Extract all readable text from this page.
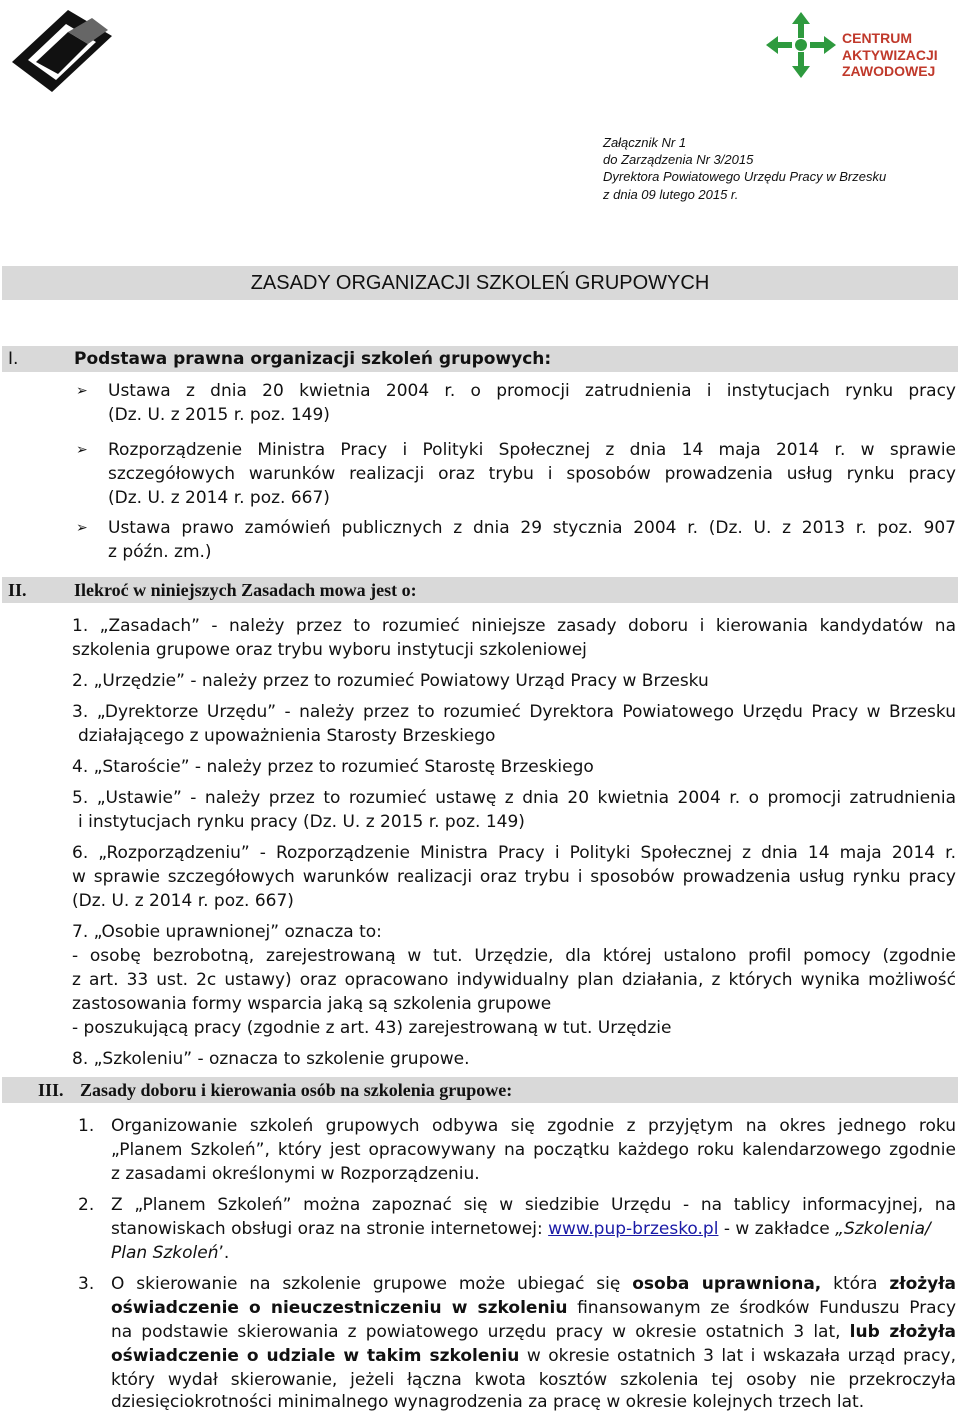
CENTRUM
AKTYWIZACJI
ZAWODOWEJ
Załącznik Nr 1
do Zarządzenia Nr 3/2015
Dyrektora Powiatowego Urzędu Pracy w Brzesku
z dnia 09 lutego 2015 r.
ZASADY ORGANIZACJI SZKOLEŃ GRUPOWYCH
I.	Podstawa prawna organizacji szkoleń grupowych:
➢ Ustawa z dnia 20 kwietnia 2004 r. o promocji zatrudnienia i instytucjach rynku pracy
(Dz. U. z 2015 r. poz. 149)
➢ Rozporządzenie Ministra Pracy i Polityki Społecznej z dnia 14 maja 2014 r. w sprawie
szczegółowych warunków realizacji oraz trybu i sposobów prowadzenia usług rynku pracy
(Dz. U. z 2014 r. poz. 667)
➢ Ustawa prawo zamówień publicznych z dnia 29 stycznia 2004 r. (Dz. U. z 2013 r. poz. 907
z późn. zm.)
II.	Ilekroć w niniejszych Zasadach mowa jest o:
1. „Zasadach” - należy przez to rozumieć niniejsze zasady doboru i kierowania kandydatów na
szkolenia grupowe oraz trybu wyboru instytucji szkoleniowej
2. „Urzędzie” - należy przez to rozumieć Powiatowy Urząd Pracy w Brzesku
3. „Dyrektorze Urzędu” - należy przez to rozumieć Dyrektora Powiatowego Urzędu Pracy w Brzesku
działającego z upoważnienia Starosty Brzeskiego
4. „Staroście” - należy przez to rozumieć Starostę Brzeskiego
5. „Ustawie” - należy przez to rozumieć ustawę z dnia 20 kwietnia 2004 r. o promocji zatrudnienia
i instytucjach rynku pracy (Dz. U. z 2015 r. poz. 149)
6. „Rozporządzeniu” - Rozporządzenie Ministra Pracy i Polityki Społecznej z dnia 14 maja 2014 r.
w sprawie szczegółowych warunków realizacji oraz trybu i sposobów prowadzenia usług rynku pracy
(Dz. U. z 2014 r. poz. 667)
7. „Osobie uprawnionej” oznacza to:
- osobę bezrobotną, zarejestrowaną w tut. Urzędzie, dla której ustalono profil pomocy (zgodnie
z art. 33 ust. 2c ustawy) oraz opracowano indywidualny plan działania, z których wynika możliwość
zastosowania formy wsparcia jaką są szkolenia grupowe
- poszukującą pracy (zgodnie z art. 43) zarejestrowaną w tut. Urzędzie
8. „Szkoleniu” - oznacza to szkolenie grupowe.
III. Zasady doboru i kierowania osób na szkolenia grupowe:
1. Organizowanie szkoleń grupowych odbywa się zgodnie z przyjętym na okres jednego roku
„Planem Szkoleń”, który jest opracowywany na początku każdego roku kalendarzowego zgodnie
z zasadami określonymi w Rozporządzeniu.
2. Z „Planem Szkoleń” można zapoznać się w siedzibie Urzędu - na tablicy informacyjnej, na
stanowiskach obsługi oraz na stronie internetowej: www.pup-brzesko.pl - w zakładce „Szkolenia/
Plan Szkoleń’.
3. O skierowanie na szkolenie grupowe może ubiegać się osoba uprawniona, która złożyła
oświadczenie o nieuczestniczeniu w szkoleniu finansowanym ze środków Funduszu Pracy
na podstawie skierowania z powiatowego urzędu pracy w okresie ostatnich 3 lat, lub złożyła
oświadczenie o udziale w takim szkoleniu w okresie ostatnich 3 lat i wskazała urząd pracy,
który wydał skierowanie, jeżeli łączna kwota kosztów szkolenia tej osoby nie przekroczyła
dziesięciokrotności minimalnego wynagrodzenia za pracę w okresie kolejnych trzech lat.
